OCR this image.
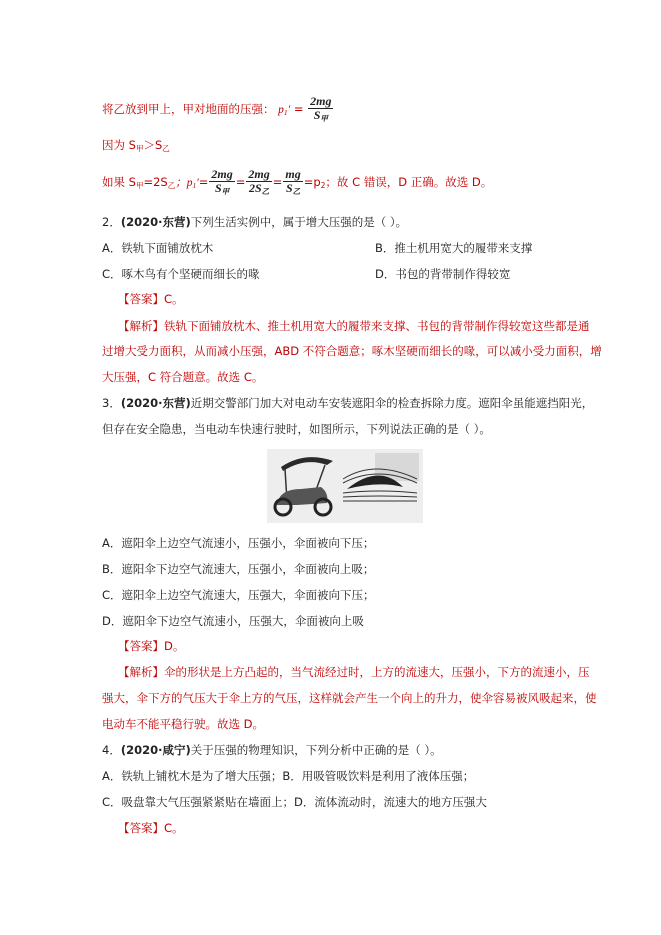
将乙放到甲上，甲对地面的压强： $p_1' = \frac{2mg}{S_甲}$
因为 $S_甲>S_乙$
如果 $S_甲=2S_乙$；$p_1'= \frac{2mg}{S_甲} = \frac{2mg}{2S_乙} = \frac{mg}{S_乙} =p_2$；故 C 错误，D 正确。故选 D。
2．(2020·东营)下列生活实例中，属于增大压强的是（ ）。
A．铁轨下面铺放枕木	B．推土机用宽大的履带来支撑
C．啄木鸟有个坚硬而细长的喙	D．书包的背带制作得较宽
【答案】C。
【解析】铁轨下面铺放枕木、推土机用宽大的履带来支撑、书包的背带制作得较宽这些都是通
过增大受力面积，从而减小压强，ABD 不符合题意；啄木坚硬而细长的喙，可以减小受力面积，增
大压强，C 符合题意。故选 C。
3．(2020·东营)近期交警部门加大对电动车安装遮阳伞的检查拆除力度。遮阳伞虽能遮挡阳光，
但存在安全隐患，当电动车快速行驶时，如图所示，下列说法正确的是（ ）。
A．遮阳伞上边空气流速小，压强小，伞面被向下压；
B．遮阳伞下边空气流速大，压强小，伞面被向上吸；
C．遮阳伞上边空气流速大，压强大，伞面被向下压；
D．遮阳伞下边空气流速小，压强大，伞面被向上吸
【答案】D。
【解析】伞的形状是上方凸起的，当气流经过时，上方的流速大，压强小，下方的流速小，压
强大，伞下方的气压大于伞上方的气压，这样就会产生一个向上的升力，使伞容易被风吸起来，使
电动车不能平稳行驶。故选 D。
4．(2020·咸宁)关于压强的物理知识，下列分析中正确的是（ ）。
A．铁轨上铺枕木是为了增大压强；B．用吸管吸饮料是利用了液体压强；
C．吸盘靠大气压强紧紧贴在墙面上；D．流体流动时，流速大的地方压强大
【答案】C。
